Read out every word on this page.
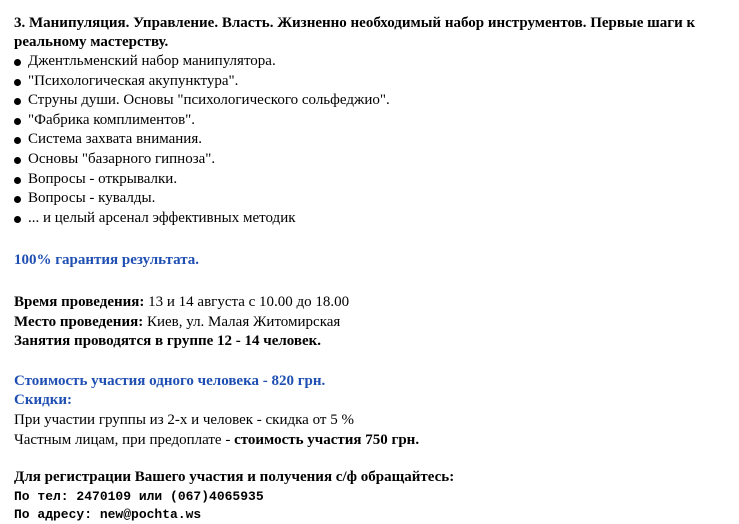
3. Манипуляция. Управление. Власть. Жизненно необходимый набор инструментов. Первые шаги к реальному мастерству.
Джентльменский набор манипулятора.
"Психологическая акупунктура".
Струны души. Основы "психологического сольфеджио".
"Фабрика комплиментов".
Система захвата внимания.
Основы "базарного гипноза".
Вопросы - открывалки.
Вопросы - кувалды.
... и целый арсенал эффективных методик
100% гарантия результата.
Время проведения: 13 и 14 августа с 10.00 до 18.00
Место проведения: Киев, ул. Малая Житомирская
Занятия проводятся в группе 12 - 14 человек.
Стоимость участия одного человека - 820 грн.
Скидки:
При участии группы из 2-х и человек - скидка от 5 %
Частным лицам, при предоплате - стоимость участия 750 грн.
Для регистрации Вашего участия и получения с/ф обращайтесь:
По тел: 2470109 или (067)4065935
По адресу: new@pochta.ws
